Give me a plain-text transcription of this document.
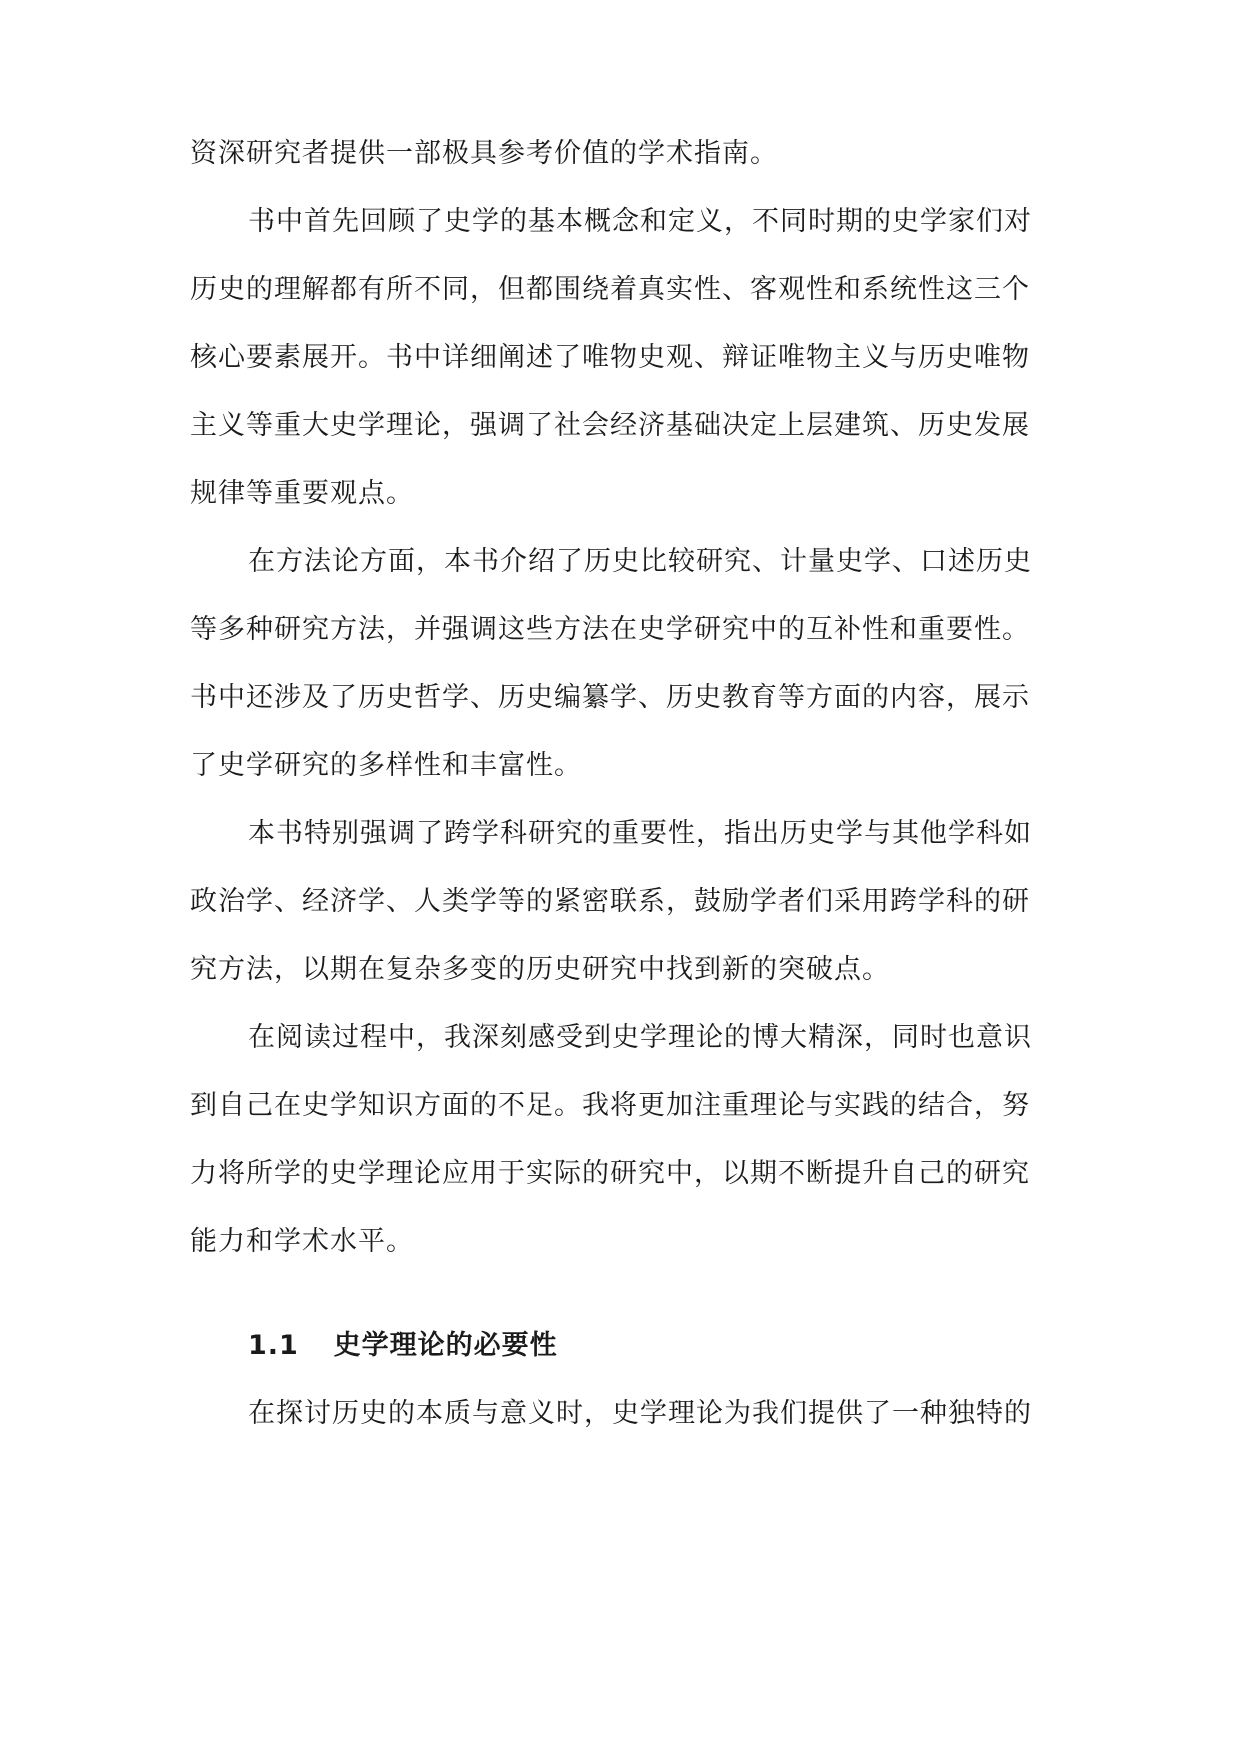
资深研究者提供一部极具参考价值的学术指南。
书中首先回顾了史学的基本概念和定义，不同时期的史学家们对
历史的理解都有所不同，但都围绕着真实性、客观性和系统性这三个
核心要素展开。书中详细阐述了唯物史观、辩证唯物主义与历史唯物
主义等重大史学理论，强调了社会经济基础决定上层建筑、历史发展
规律等重要观点。
在方法论方面，本书介绍了历史比较研究、计量史学、口述历史
等多种研究方法，并强调这些方法在史学研究中的互补性和重要性。
书中还涉及了历史哲学、历史编纂学、历史教育等方面的内容，展示
了史学研究的多样性和丰富性。
本书特别强调了跨学科研究的重要性，指出历史学与其他学科如
政治学、经济学、人类学等的紧密联系，鼓励学者们采用跨学科的研
究方法，以期在复杂多变的历史研究中找到新的突破点。
在阅读过程中，我深刻感受到史学理论的博大精深，同时也意识
到自己在史学知识方面的不足。我将更加注重理论与实践的结合，努
力将所学的史学理论应用于实际的研究中，以期不断提升自己的研究
能力和学术水平。
1.1 史学理论的必要性
在探讨历史的本质与意义时，史学理论为我们提供了一种独特的
